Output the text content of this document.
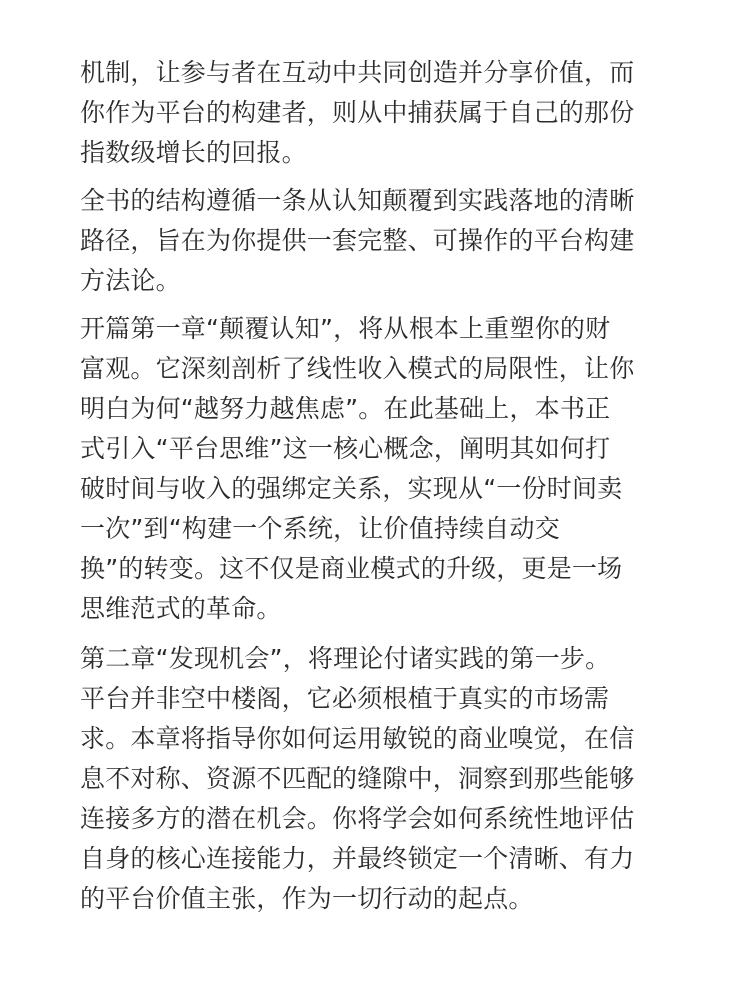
机制，让参与者在互动中共同创造并分享价值，而
你作为平台的构建者，则从中捕获属于自己的那份
指数级增长的回报。
全书的结构遵循一条从认知颠覆到实践落地的清晰
路径，旨在为你提供一套完整、可操作的平台构建
方法论。
开篇第一章“颠覆认知”，将从根本上重塑你的财
富观。它深刻剖析了线性收入模式的局限性，让你
明白为何“越努力越焦虑”。在此基础上，本书正
式引入“平台思维”这一核心概念，阐明其如何打
破时间与收入的强绑定关系，实现从“一份时间卖
一次”到“构建一个系统，让价值持续自动交
换”的转变。这不仅是商业模式的升级，更是一场
思维范式的革命。
第二章“发现机会”，将理论付诸实践的第一步。
平台并非空中楼阁，它必须根植于真实的市场需
求。本章将指导你如何运用敏锐的商业嗅觉，在信
息不对称、资源不匹配的缝隙中，洞察到那些能够
连接多方的潜在机会。你将学会如何系统性地评估
自身的核心连接能力，并最终锁定一个清晰、有力
的平台价值主张，作为一切行动的起点。
